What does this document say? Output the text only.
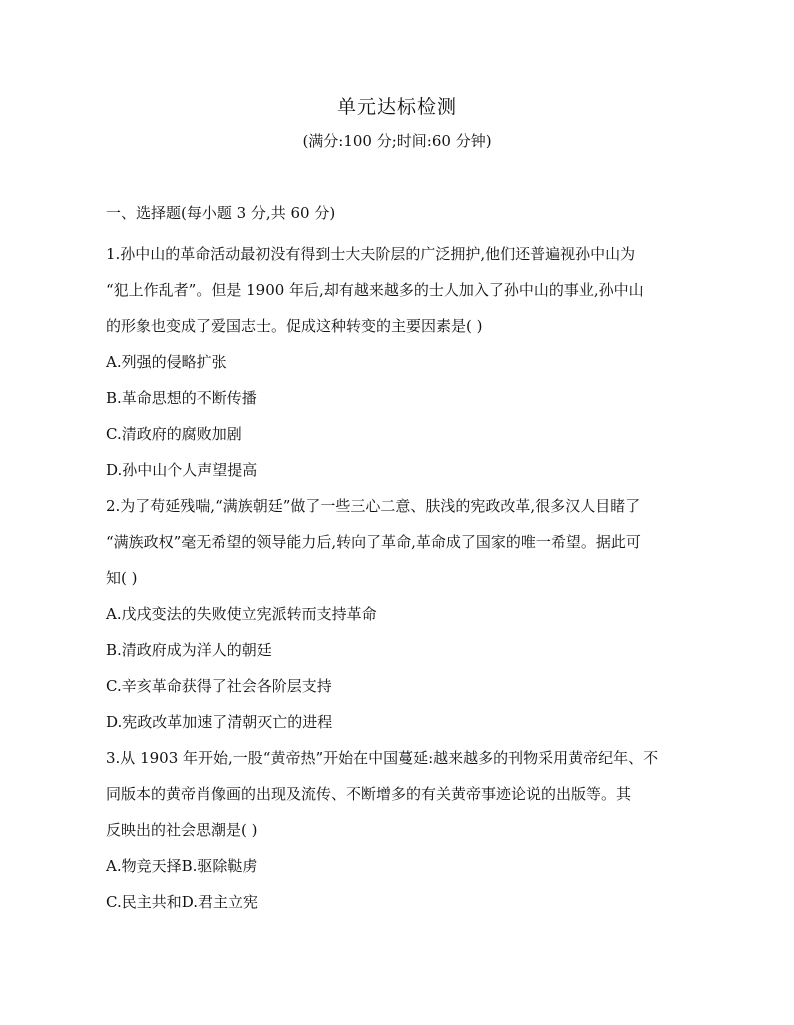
单元达标检测
(满分:100 分;时间:60 分钟)
一、选择题(每小题 3 分,共 60 分)
1.孙中山的革命活动最初没有得到士大夫阶层的广泛拥护,他们还普遍视孙中山为
“犯上作乱者”。但是 1900 年后,却有越来越多的士人加入了孙中山的事业,孙中山
的形象也变成了爱国志士。促成这种转变的主要因素是( )
A.列强的侵略扩张
B.革命思想的不断传播
C.清政府的腐败加剧
D.孙中山个人声望提高
2.为了苟延残喘,“满族朝廷”做了一些三心二意、肤浅的宪政改革,很多汉人目睹了
“满族政权”毫无希望的领导能力后,转向了革命,革命成了国家的唯一希望。据此可
知( )
A.戊戌变法的失败使立宪派转而支持革命
B.清政府成为洋人的朝廷
C.辛亥革命获得了社会各阶层支持
D.宪政改革加速了清朝灭亡的进程
3.从 1903 年开始,一股“黄帝热”开始在中国蔓延:越来越多的刊物采用黄帝纪年、不
同版本的黄帝肖像画的出现及流传、不断增多的有关黄帝事迹论说的出版等。其
反映出的社会思潮是( )
A.物竞天择B.驱除鞑虏
C.民主共和D.君主立宪
